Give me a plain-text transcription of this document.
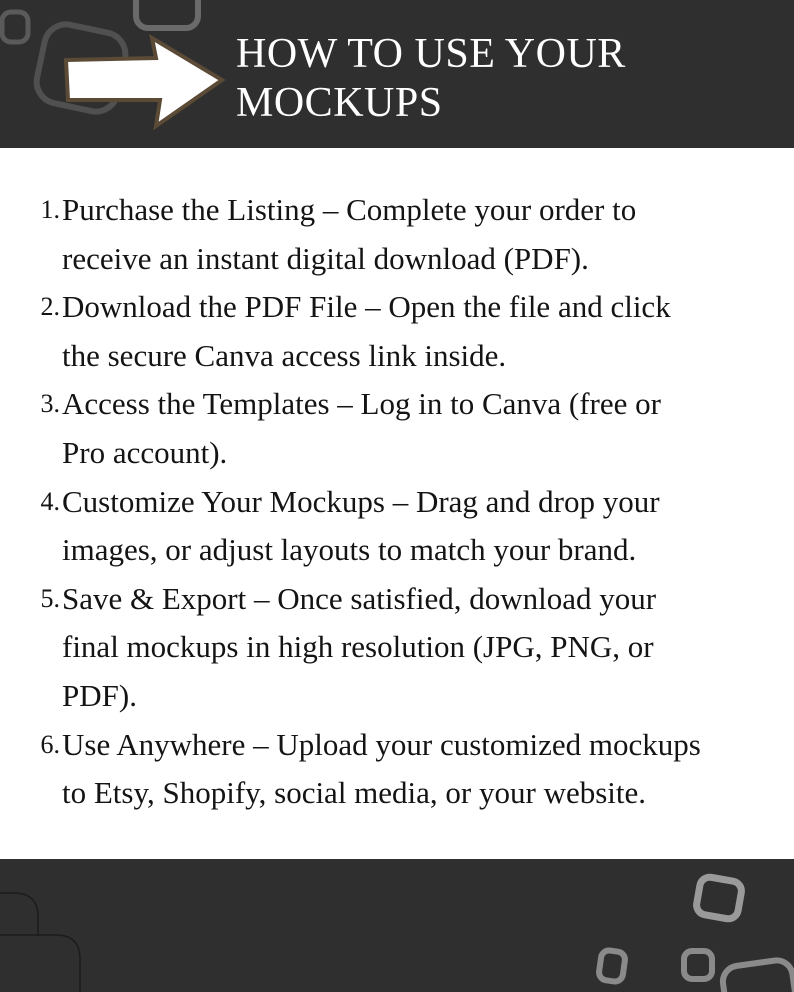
HOW TO USE YOUR
MOCKUPS
1. Purchase the Listing – Complete your order to
receive an instant digital download (PDF).
2. Download the PDF File – Open the file and click
the secure Canva access link inside.
3. Access the Templates – Log in to Canva (free or
Pro account).
4. Customize Your Mockups – Drag and drop your
images, or adjust layouts to match your brand.
5. Save & Export – Once satisfied, download your
final mockups in high resolution (JPG, PNG, or
PDF).
6. Use Anywhere – Upload your customized mockups
to Etsy, Shopify, social media, or your website.
